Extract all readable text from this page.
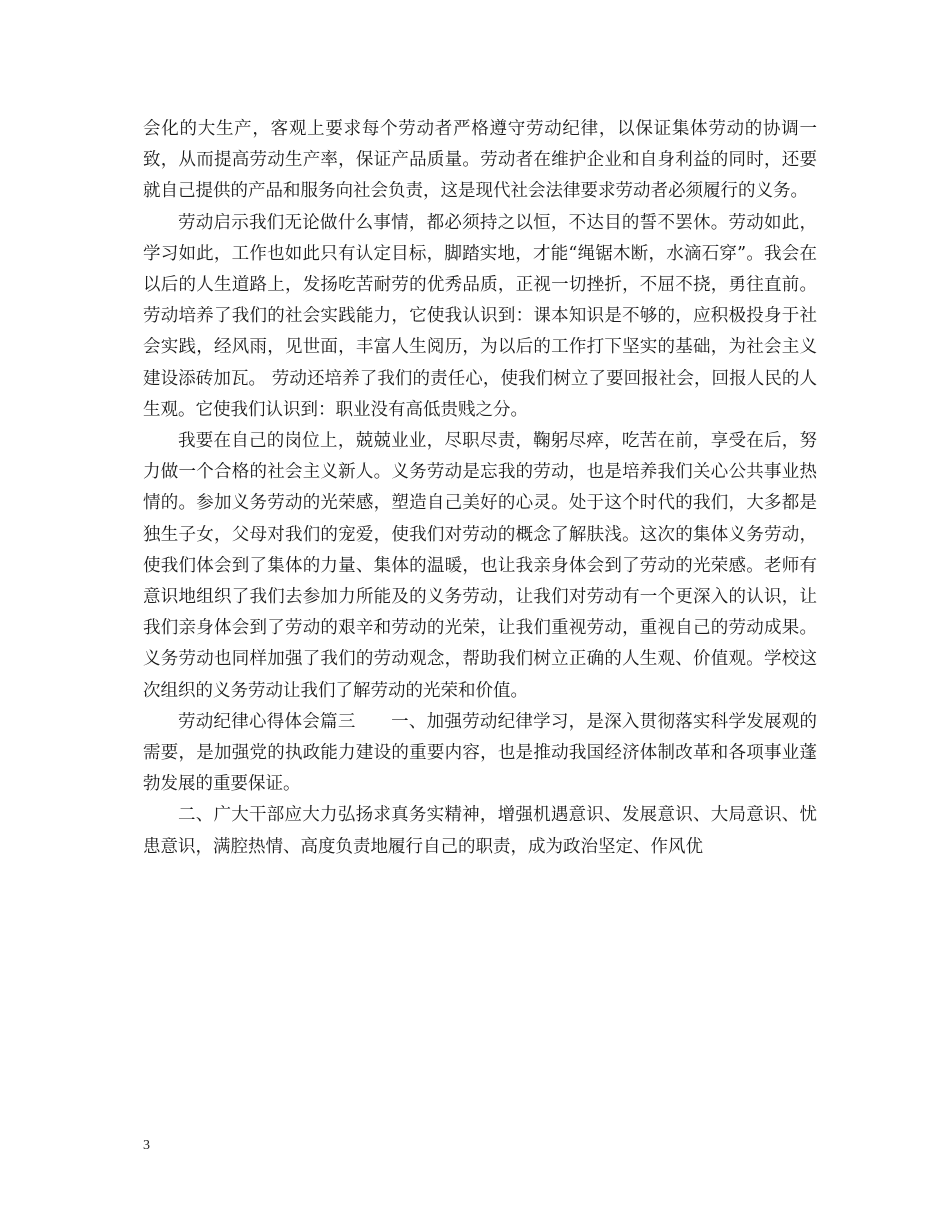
会化的大生产，客观上要求每个劳动者严格遵守劳动纪律，以保证集体劳动的协调一致，从而提高劳动生产率，保证产品质量。劳动者在维护企业和自身利益的同时，还要就自己提供的产品和服务向社会负责，这是现代社会法律要求劳动者必须履行的义务。

劳动启示我们无论做什么事情，都必须持之以恒，不达目的誓不罢休。劳动如此，学习如此，工作也如此只有认定目标，脚踏实地，才能“绳锯木断，水滴石穿”。我会在以后的人生道路上，发扬吃苦耐劳的优秀品质，正视一切挫折，不屈不挠，勇往直前。 劳动培养了我们的社会实践能力，它使我认识到：课本知识是不够的，应积极投身于社会实践，经风雨，见世面，丰富人生阅历，为以后的工作打下坚实的基础，为社会主义建设添砖加瓦。 劳动还培养了我们的责任心，使我们树立了要回报社会，回报人民的人生观。它使我们认识到：职业没有高低贵贱之分。

我要在自己的岗位上，兢兢业业，尽职尽责，鞠躬尽瘁，吃苦在前，享受在后，努力做一个合格的社会主义新人。义务劳动是忘我的劳动，也是培养我们关心公共事业热情的。参加义务劳动的光荣感，塑造自己美好的心灵。处于这个时代的我们，大多都是独生子女，父母对我们的宠爱，使我们对劳动的概念了解肤浅。这次的集体义务劳动，使我们体会到了集体的力量、集体的温暖，也让我亲身体会到了劳动的光荣感。老师有意识地组织了我们去参加力所能及的义务劳动，让我们对劳动有一个更深入的认识，让我们亲身体会到了劳动的艰辛和劳动的光荣，让我们重视劳动，重视自己的劳动成果。义务劳动也同样加强了我们的劳动观念，帮助我们树立正确的人生观、价值观。学校这次组织的义务劳动让我们了解劳动的光荣和价值。

劳动纪律心得体会篇三　　一、加强劳动纪律学习，是深入贯彻落实科学发展观的需要，是加强党的执政能力建设的重要内容，也是推动我国经济体制改革和各项事业蓬勃发展的重要保证。

二、广大干部应大力弘扬求真务实精神，增强机遇意识、发展意识、大局意识、忧患意识，满腔热情、高度负责地履行自己的职责，成为政治坚定、作风优

3
